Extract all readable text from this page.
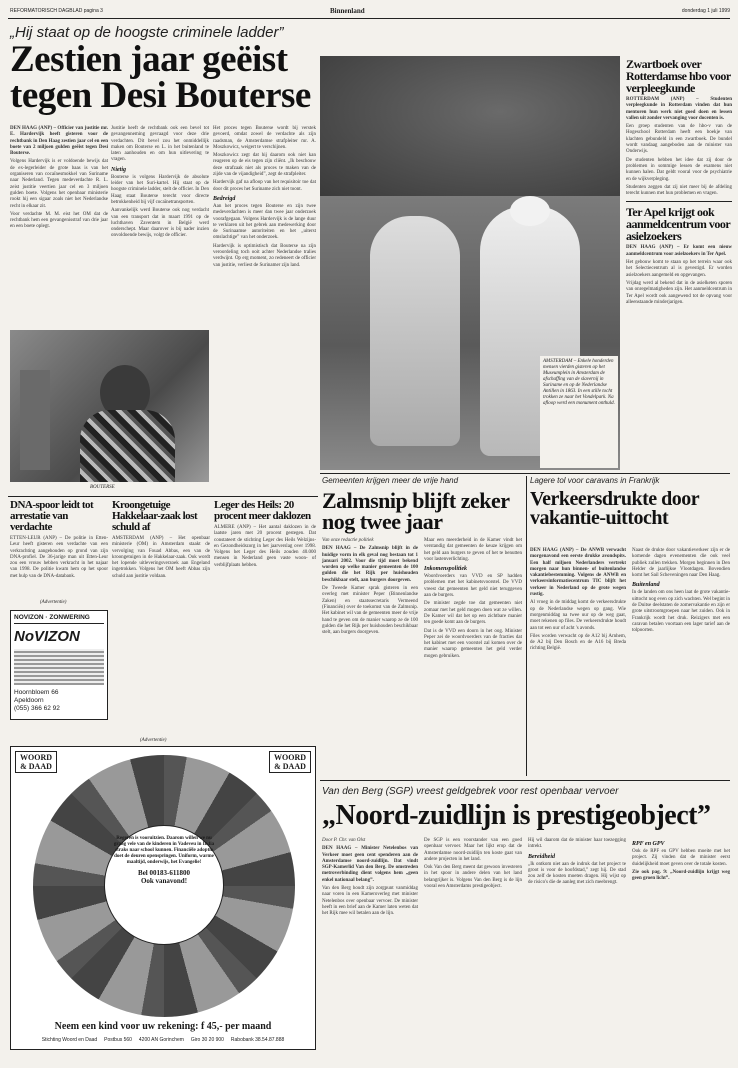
REFORMATORISCH DAGBLAD pagina 3	Binnenland	donderdag 1 juli 1999
„Hij staat op de hoogste criminele ladder”
Zestien jaar geëist tegen Desi Bouterse

DEN HAAG (ANP) – Officier van justitie mr. E. Hardervijk heeft gisteren voor de rechtbank in Den Haag zestien jaar cel en een boete van 2 miljoen gulden geëist tegen Desi Bouterse.

Volgens Hardervijk is er voldoende bewijs dat de ex-legerleider de grote baas is van het organiseren van cocaïnesmokkel van Suriname naar Nederland. Tegen medeverdachte R. L. zeist justitie veertien jaar cel en 3 miljoen gulden boete. Volgens het openbaar ministerie rookt hij een sigaar zoals niet het Nederlandse recht in elkaar zit.

Voor verdachte M. M. eist het OM dat de rechtbank hem een gevangenisstraf van drie jaar en een boete oplegt.

Justitie heeft de rechtbank ook een bevel tot gevangenneming gevraagd voor deze drie verdachten. Dit bevel zou het onmiddellijk maken om Bouterse en L. in het buitenland te laten aanhouden en om hun uitlevering te vragen.

Nietig

Bouterse is volgens Hardervijk de absolute leider van het Suri-kartel. Hij staat op de hoogste criminele ladder, stelt de officier. In Den Haag staat Bouterse terecht voor directe betrokkenheid bij vijf cocaïnetransporten.

Aanvankelijk werd Bouterse ook nog verdacht van een transport dat in maart 1991 op de luchthaven Zaventem in België werd onderschept. Maar daarover is bij nader inzien onvoldoende bewijs, volgt de officier.

Het proces tegen Bouterse wordt bij verstek gevoerd, omdat zowel de verdachte als zijn raadsman, de Amsterdamse strafpleiter mr. A. Moszkowicz, weigert te verschijnen.

Moszkowicz zegt dat hij daarom ook niet kan reageren op de eis tegen zijn cliënt. „Ik beschouw deze strafzaak niet als proces te maken van de zijde van de vijandigheid”, zegt de strafpleiter.

Hardervijk gaf na afloop van het requisitoir toe dat door dit proces het Suriname zich niet toont.

Bedreigd

Aan het proces tegen Bouterse en zijn twee medeverdachten is meer dan twee jaar onderzoek voorafgegaan. Volgens Hardervijk is de lange duur te verklaren uit het gebrek aan medewerking door de Surinaamse autoriteiten en het „uiterst omslachtige” van het onderzoek.

Hardervijk is optimistisch dat Bouterse na zijn veroordeling toch ooit achter Nederlandse tralies verdwijnt. Op erg moment, zo redeneert de officier van justitie, verliest de Surinamer zijn land.

BOUTERSE
AMSTERDAM – Enkele honderden mensen vierden gisteren op het Museumplein in Amsterdam de afschaffing van de slavernij in Suriname en op de Nederlandse Antillen in 1863. In een stille tocht trokken ze naar het Vondelpark. Na afloop werd een monument onthuld.
Zwartboek over Rotterdamse hbo voor verpleegkunde

ROTTERDAM (ANP) – Studenten verpleegkunde in Rotterdam vinden dat hun mentoren hun werk niet goed doen en lessen vallen uit zonder vervanging voor docenten is.

Een groep studenten van de hbo-v van de Hogeschool Rotterdam heeft een boekje van klachten gebundeld in een zwartboek. De bundel wordt vandaag aangeboden aan de minister van Onderwijs.

De studenten hebben het idee dat zij door de problemen in sommige lessen de examens niet kunnen halen. Dat geldt vooral voor de psychiatrie en de wijkverpleging.

Studenten zeggen dat zij niet meer bij de afdeling terecht kunnen met hun problemen en vragen.

Ter Apel krijgt ook aanmeldcentrum voor asielzoekers

DEN HAAG (ANP) – Er komt een nieuw aanmeldcentrum voor asielzoekers in Ter Apel.

Het gebouw komt te staan op het terrein waar ook het Selectiecentrum al is gevestigd. Er worden asielzoekers aangemeld en opgevangen.

Vrijdag werd al bekend dat in de asielketen sporen van onregelmatigheden zijn. Het aanmeldcentrum in Ter Apel wordt ook aangewend tot de opvang voor alleenstaande minderjarigen.

Gemeenten krijgen meer de vrije hand
Zalmsnip blijft zeker nog twee jaar

Van onze redactie politiek

DEN HAAG – De Zalmsnip blijft in de huidige vorm in elk geval nog bestaan tot 1 januari 2002. Voor die tijd moet bekend worden op welke manier gemeenten de 100 gulden die het Rijk per huishouden beschikbaar stelt, aan burgers doorgeven.

De Tweede Kamer sprak gisteren in een overleg met minister Peper (Binnenlandse Zaken) en staatssecretaris Vermeend (Financiën) over de toekomst van de Zalmsnip. Het kabinet wil van de gemeenten meer de vrije hand te geven om de manier waarop ze de 100 gulden die het Rijk per huishouden beschikbaar stelt, aan burgers doorgeven.

Maar een meerderheid in de Kamer vindt het verstandig dat gemeenten de keuze krijgen om het geld aan burgers te geven of het te benutten voor lastenverlichting.

Inkomenspolitiek

Woordvoerders van VVD en SP hadden problemen met het kabinetsvoorstel. De VVD vreest dat gemeenten het geld niet teruggeven aan de burgers.

De minister zegde toe dat gemeenten niet zomaar met het geld mogen doen wat ze willen. De Kamer wil dat het op een zichtbare manier ten goede komt aan de burgers.

Dat is de VVD een doorn in het oog. Minister Peper zei de woordvoerders van de fracties dat het kabinet met een voorstel zal komen over de manier waarop gemeenten het geld verder mogen gebruiken.

Lagere tol voor caravans in Frankrijk
Verkeersdrukte door vakantie-uittocht

DEN HAAG (ANP) – De ANWB verwacht morgenavond een eerste drukke avondspits. Een half miljoen Nederlanders vertrekt morgen naar hun binnen- of buitenlandse vakantiebestemming. Volgens de ANWB en verkeersinformatiecentrum TIC blijft het verkeer in Nederland op de grote wegen rustig.

Al vroeg in de middag komt de verkeersdrukte op de Nederlandse wegen op gang. Wie morgenmiddag na twee uur op de weg gaat, moet rekenen op files. De verkeersdrukte houdt aan tot een uur of acht 's avonds.

Files worden verwacht op de A12 bij Arnhem, de A2 bij Den Bosch en de A16 bij Breda richting België.

Naast de drukte door vakantieverkeer zijn er de komende dagen evenementen die ook veel publiek zullen trekken. Morgen beginnen in Den Helder de jaarlijkse Vlootdagen. Bovendien komt het Sail Scheveningen naar Den Haag.

Buitenland

In de landen om ons heen laat de grote vakantie-uittocht nog even op zich wachten. Wel begint in de Duitse deelstaten de zomervakantie en zijn er grote uitstroomgroepen naar het zuiden. Ook in Frankrijk wordt het druk. Reizigers met een caravan betalen voortaan een lager tarief aan de tolpoorten.

DNA-spoor leidt tot arrestatie van verdachte

ETTEN-LEUR (ANP) – De politie in Etten-Leur heeft gisteren een verdachte van een verkrachting aangehouden op grond van zijn DNA-profiel. De 36-jarige man uit Etten-Leur zou een vrouw hebben verkracht in het najaar van 1998. De politie kwam hem op het spoor met hulp van de DNA-databank.

Kroongetuige Hakkelaar-zaak lost schuld af

AMSTERDAM (ANP) – Het openbaar ministerie (OM) in Amsterdam staakt de vervolging van Fouad Abbas, een van de kroongetuigen in de Hakkelaar-zaak. Ook wordt het lopende uitleveringsverzoek aan Engeland ingetrokken. Volgens het OM heeft Abbas zijn schuld aan justitie voldaan.

Leger des Heils: 20 procent meer daklozen

ALMERE (ANP) – Het aantal daklozen in de laatste jaren met 20 procent gestegen. Dat constateert de stichting Leger des Heils Welzijns- en Gezondheidszorg in het jaarverslag over 1998. Volgens het Leger des Heils zouden 40.000 mensen in Nederland geen vaste woon- of verblijfplaats hebben.

(Advertentie)
NOVIZON · ZONWERING
NoVIZON
Hoornbloem 66
Apeldoorn
(055) 366 62 92
(Advertentie)
WOORD & DAAD
WOORD & DAAD
Regeren is vooruitzien. Daarom willen we nu graag vele van de kinderen in Vadeveu in India straks naar school kunnen. Financiële adoptie doet de deuren openspringen. Uniform, warme maaltijd, onderwijs, het Evangelie!
Bel 00183-611800
Ook vanavond!
Neem een kind voor uw rekening: f 45,- per maand
Stichting Woord en Daad     Postbus 560     4200 AN Gorinchem     Giro 30 20 900     Rabobank 38.54.87.888
Van den Berg (SGP) vreest geldgebrek voor rest openbaar vervoer
„Noord-zuidlijn is prestigeobject”

Door P. Chr. van Olst

DEN HAAG – Minister Netelenbos van Verkeer moet geen cent spenderen aan de Amsterdamse noord-zuidlijn. Dat vindt SGP-Kamerlid Van den Berg. De omstreden metroverbinding dient volgens hem „geen enkel nationaal belang”.

Van den Berg houdt zijn zorgpunt vanmiddag naar voren in een Kameroverleg met minister Netelenbos over openbaar vervoer. De minister heeft in een brief aan de Kamer laten weten dat het Rijk mee wil betalen aan de lijn.

De SGP is een voorstander van een goed openbaar vervoer. Maar het lijkt erop dat de Amsterdamse noord-zuidlijn ten koste gaat van andere projecten in het land.

Ook Van den Berg meent dat gewoon investeren in het spoor in andere delen van het land belangrijker is. Volgens Van den Berg is de lijn vooral een Amsterdams prestigeobject.

Hij wil daarom dat de minister haar toezegging intrekt.

Bereidheid

„Ik ontkom niet aan de indruk dat het project te groot is voor de hoofdstad,” zegt hij. De stad zou zelf de kosten moeten dragen. Hij wijst op de risico's die de aanleg met zich meebrengt.

RPF en GPV

Ook de RPF en GPV hebben moeite met het project. Zij vinden dat de minister eerst duidelijkheid moet geven over de totale kosten.

Zie ook pag. 9: „Noord-zuidlijn krijgt weg geen groen licht”.
